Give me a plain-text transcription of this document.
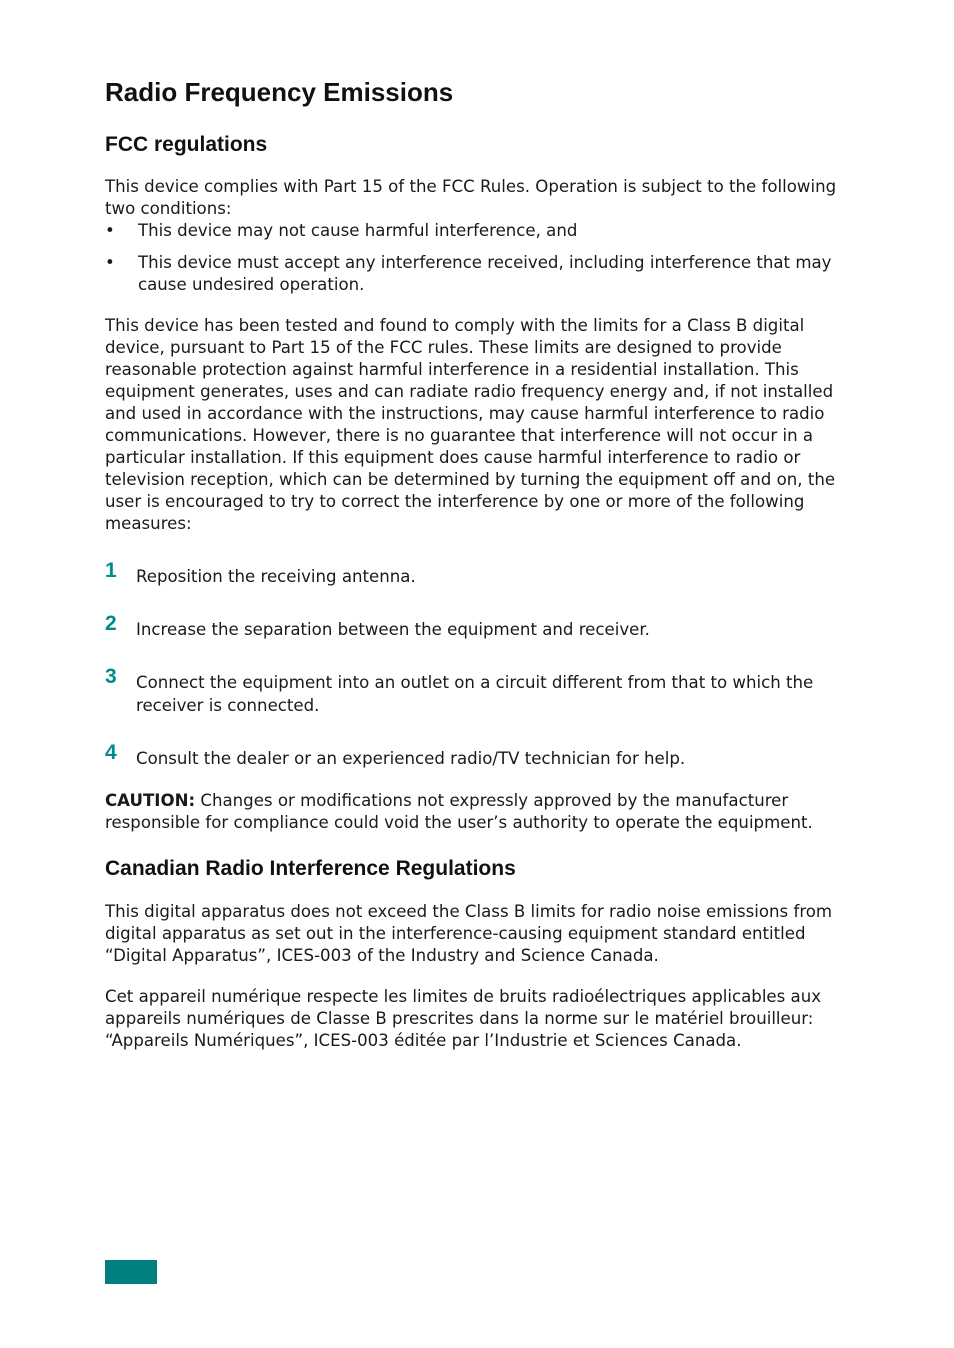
Radio Frequency Emissions
FCC regulations

This device complies with Part 15 of the FCC Rules. Operation is subject to the following two conditions:

• This device may not cause harmful interference, and
• This device must accept any interference received, including interference that may cause undesired operation.

This device has been tested and found to comply with the limits for a Class B digital device, pursuant to Part 15 of the FCC rules. These limits are designed to provide reasonable protection against harmful interference in a residential installation. This equipment generates, uses and can radiate radio frequency energy and, if not installed and used in accordance with the instructions, may cause harmful interference to radio communications. However, there is no guarantee that interference will not occur in a particular installation. If this equipment does cause harmful interference to radio or television reception, which can be determined by turning the equipment off and on, the user is encouraged to try to correct the interference by one or more of the following measures:

1 Reposition the receiving antenna.
2 Increase the separation between the equipment and receiver.
3 Connect the equipment into an outlet on a circuit different from that to which the receiver is connected.
4 Consult the dealer or an experienced radio/TV technician for help.

CAUTION: Changes or modifications not expressly approved by the manufacturer responsible for compliance could void the user’s authority to operate the equipment.

Canadian Radio Interference Regulations

This digital apparatus does not exceed the Class B limits for radio noise emissions from digital apparatus as set out in the interference-causing equipment standard entitled “Digital Apparatus”, ICES-003 of the Industry and Science Canada.

Cet appareil numérique respecte les limites de bruits radioélectriques applicables aux appareils numériques de Classe B prescrites dans la norme sur le matériel brouilleur: “Appareils Numériques”, ICES-003 éditée par l’Industrie et Sciences Canada.
